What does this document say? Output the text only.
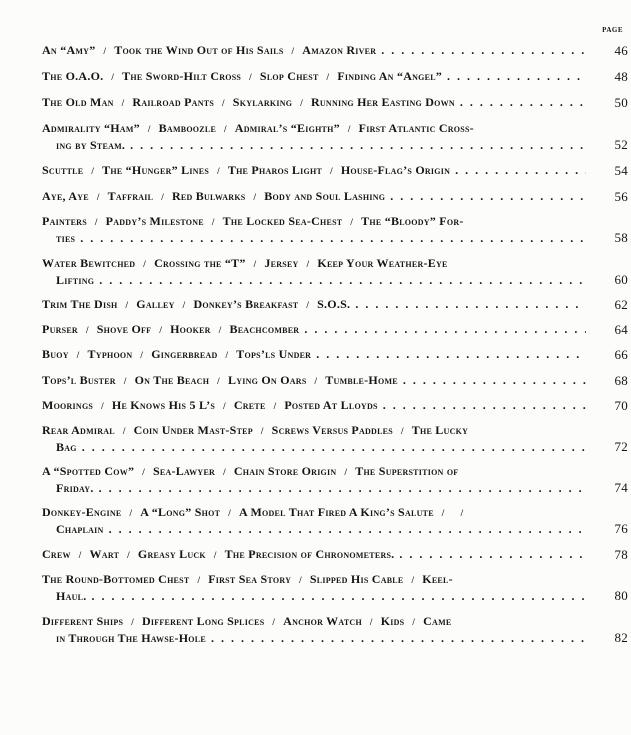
PAGE
An “Amy” / Took the Wind Out of His Sails / Amazon River . . .	46
The O.A.O. / The Sword-Hilt Cross / Slop Chest / Finding An “Angel” . . .	48
The Old Man / Railroad Pants / Skylarking / Running Her Easting Down . . .	50
Admirality “Ham” / Bamboozle / Admiral’s “Eighth” / First Atlantic Cross-
ing by Steam. . . .	52
Scuttle / The “Hunger” Lines / The Pharos Light / House-Flag’s Origin . . .	54
Aye, Aye / Taffrail / Red Bulwarks / Body and Soul Lashing . . .	56
Painters / Paddy’s Milestone / The Locked Sea-Chest / The “Bloody” For-
ties . . .	58
Water Bewitched / Crossing the “T” / Jersey / Keep Your Weather-Eye
Lifting . . .	60
Trim The Dish / Galley / Donkey’s Breakfast / S.O.S. . . .	62
Purser / Shove Off / Hooker / Beachcomber . . .	64
Buoy / Typhoon / Gingerbread / Tops’ls Under . . .	66
Tops’l Buster / On The Beach / Lying On Oars / Tumble-Home . . .	68
Moorings / He Knows His 5 L’s / Crete / Posted At Lloyds . . .	70
Rear Admiral / Coin Under Mast-Step / Screws Versus Paddles / The Lucky
Bag . . .	72
A “Spotted Cow” / Sea-Lawyer / Chain Store Origin / The Superstition of
Friday. . . .	74
Donkey-Engine / A “Long” Shot / A Model That Fired A King’s Salute / /
Chaplain . . .	76
Crew / Wart / Greasy Luck / The Precision of Chronometers. . . .	78
The Round-Bottomed Chest / First Sea Story / Slipped His Cable / Keel-
Haul. . . .	80
Different Ships / Different Long Splices / Anchor Watch / Kids / Came
in Through The Hawse-Hole . . .	82
